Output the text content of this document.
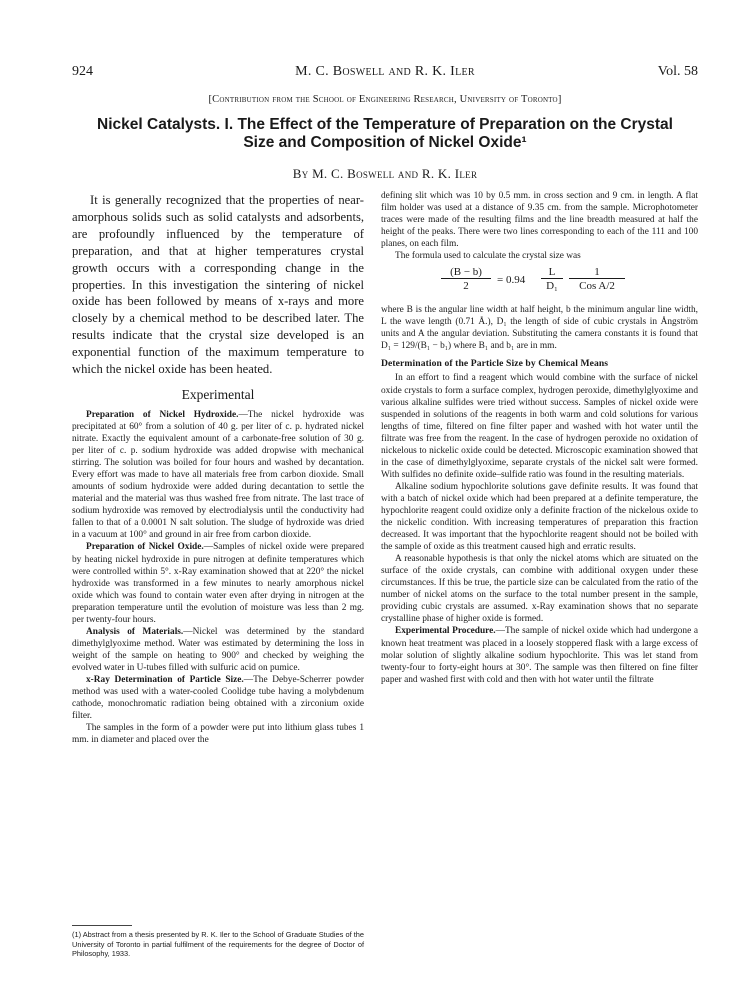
924	M. C. Boswell and R. K. Iler	Vol. 58
[Contribution from the School of Engineering Research, University of Toronto]
Nickel Catalysts. I. The Effect of the Temperature of Preparation on the Crystal
Size and Composition of Nickel Oxide¹
By M. C. Boswell and R. K. Iler

It is generally recognized that the properties of near-amorphous solids such as solid catalysts and adsorbents, are profoundly influenced by the temperature of preparation, and that at higher temperatures crystal growth occurs with a corresponding change in the properties. In this investigation the sintering of nickel oxide has been followed by means of x-rays and more closely by a chemical method to be described later. The results indicate that the crystal size developed is an exponential function of the maximum temperature to which the nickel oxide has been heated.

Experimental

Preparation of Nickel Hydroxide.—The nickel hydroxide was precipitated at 60° from a solution of 40 g. per liter of c. p. hydrated nickel nitrate. Exactly the equivalent amount of a carbonate-free solution of 30 g. per liter of c. p. sodium hydroxide was added dropwise with mechanical stirring. The solution was boiled for four hours and washed by decantation. Every effort was made to have all materials free from carbon dioxide. Small amounts of sodium hydroxide were added during decantation to settle the material and the material was thus washed free from nitrate. The last trace of sodium hydroxide was removed by electrodialysis until the conductivity had fallen to that of a 0.0001 N salt solution. The sludge of hydroxide was dried in a vacuum at 100° and ground in air free from carbon dioxide.

Preparation of Nickel Oxide.—Samples of nickel oxide were prepared by heating nickel hydroxide in pure nitrogen at definite temperatures which were controlled within 5°. x-Ray examination showed that at 220° the nickel hydroxide was transformed in a few minutes to nearly amorphous nickel oxide which was found to contain water even after drying in nitrogen at the preparation temperature until the evolution of moisture was less than 2 mg. per twenty-four hours.

Analysis of Materials.—Nickel was determined by the standard dimethylglyoxime method. Water was estimated by determining the loss in weight of the sample on heating to 900° and checked by weighing the evolved water in U-tubes filled with sulfuric acid on pumice.

x-Ray Determination of Particle Size.—The Debye-Scherrer powder method was used with a water-cooled Coolidge tube having a molybdenum cathode, monochromatic radiation being obtained with a zirconium oxide filter.

The samples in the form of a powder were put into lithium glass tubes 1 mm. in diameter and placed over the

(1) Abstract from a thesis presented by R. K. Iler to the School of Graduate Studies of the University of Toronto in partial fulfilment of the requirements for the degree of Doctor of Philosophy, 1933.

defining slit which was 10 by 0.5 mm. in cross section and 9 cm. in length. A flat film holder was used at a distance of 9.35 cm. from the sample. Microphotometer traces were made of the resulting films and the line breadth measured at half the height of the peaks. There were two lines corresponding to each of the 111 and 100 planes, on each film.

The formula used to calculate the crystal size was

$\frac{(B - b)}{2} = 0.94 \frac{L}{\text{D₁}}$	1
Cos A/2

where B is the angular line width at half height, b the minimum angular line width, L the wave length (0.71 Å.), D₁ the length of side of cubic crystals in Ångström units and A the angular deviation. Substituting the camera constants it is found that D₁ = 129/(B₁ − b₁) where B₁ and b₁ are in mm.

Determination of the Particle Size by Chemical Means

In an effort to find a reagent which would combine with the surface of nickel oxide crystals to form a surface complex, hydrogen peroxide, dimethylglyoxime and various alkaline sulfides were tried without success. Samples of nickel oxide were suspended in solutions of the reagents in both warm and cold solutions for various lengths of time, filtered on fine filter paper and washed with hot water until the filtrate was free from the reagent. In the case of hydrogen peroxide no oxidation of nickelous to nickelic oxide could be detected. Microscopic examination showed that in the case of dimethylglyoxime, separate crystals of the nickel salt were formed. With sulfides no definite oxide–sulfide ratio was found in the resulting materials.

Alkaline sodium hypochlorite solutions gave definite results. It was found that with a batch of nickel oxide which had been prepared at a definite temperature, the hypochlorite reagent could oxidize only a definite fraction of the nickelous oxide to the nickelic condition. With increasing temperatures of preparation this fraction decreased. It was important that the hypochlorite reagent should not be boiled with the sample of oxide as this treatment caused high and erratic results.

A reasonable hypothesis is that only the nickel atoms which are situated on the surface of the oxide crystals, can combine with additional oxygen under these circumstances. If this be true, the particle size can be calculated from the ratio of the number of nickel atoms on the surface to the total number present in the sample, providing cubic crystals are assumed. x-Ray examination shows that no separate crystalline phase of higher oxide is formed.

Experimental Procedure.—The sample of nickel oxide which had undergone a known heat treatment was placed in a loosely stoppered flask with a large excess of molar solution of slightly alkaline sodium hypochlorite. This was let stand from twenty-four to forty-eight hours at 30°. The sample was then filtered on fine filter paper and washed first with cold and then with hot water until the filtrate
